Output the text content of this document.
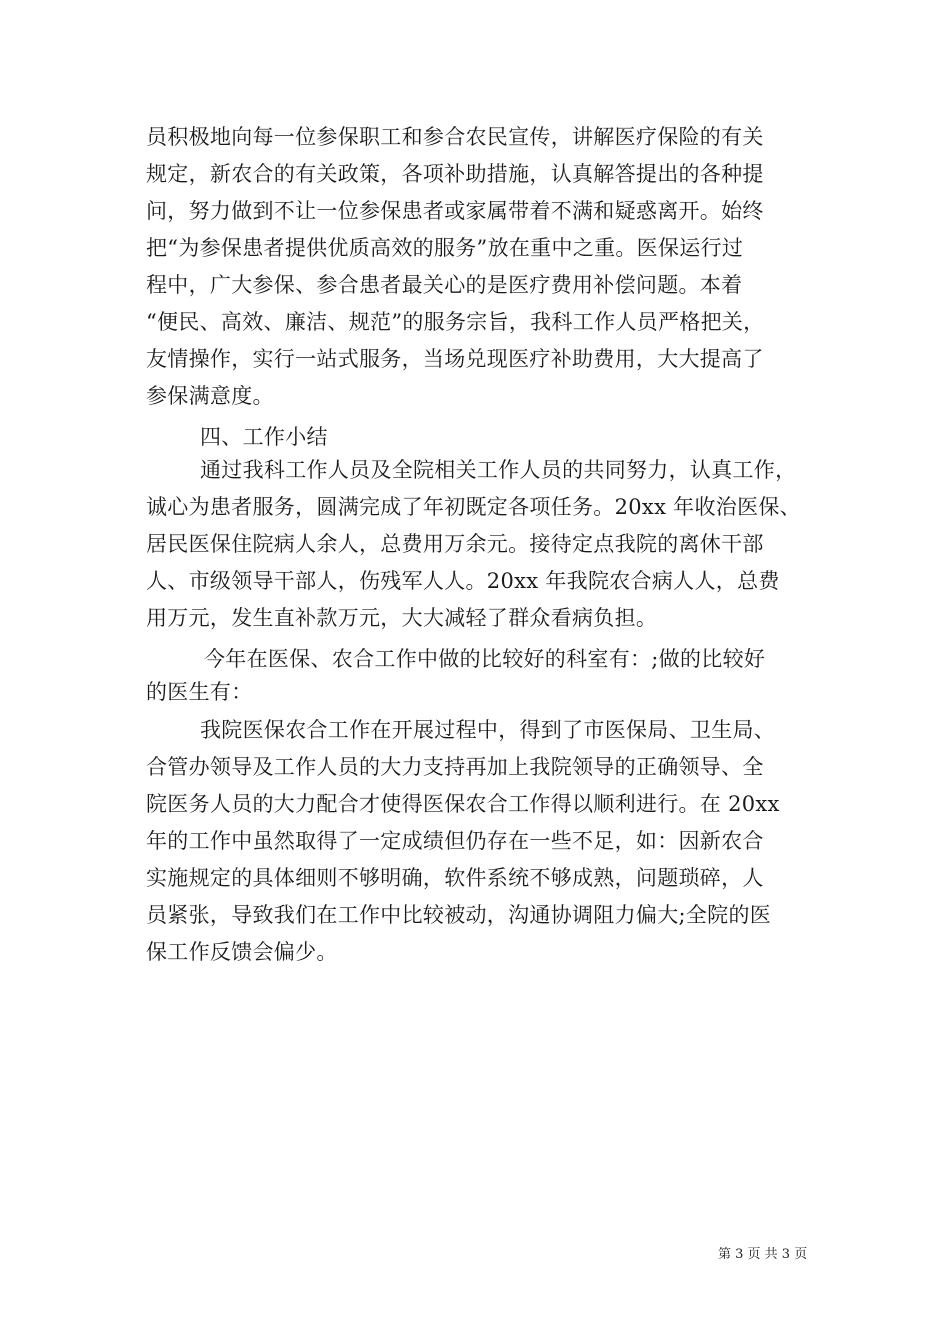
员积极地向每一位参保职工和参合农民宣传，讲解医疗保险的有关
规定，新农合的有关政策，各项补助措施，认真解答提出的各种提
问，努力做到不让一位参保患者或家属带着不满和疑惑离开。始终
把“为参保患者提供优质高效的服务”放在重中之重。医保运行过
程中，广大参保、参合患者最关心的是医疗费用补偿问题。本着
“便民、高效、廉洁、规范”的服务宗旨，我科工作人员严格把关，
友情操作，实行一站式服务，当场兑现医疗补助费用，大大提高了
参保满意度。
四、工作小结
通过我科工作人员及全院相关工作人员的共同努力，认真工作，
诚心为患者服务，圆满完成了年初既定各项任务。20xx 年收治医保、
居民医保住院病人余人，总费用万余元。接待定点我院的离休干部
人、市级领导干部人，伤残军人人。20xx 年我院农合病人人，总费
用万元，发生直补款万元，大大减轻了群众看病负担。
今年在医保、农合工作中做的比较好的科室有：;做的比较好
的医生有：
我院医保农合工作在开展过程中，得到了市医保局、卫生局、
合管办领导及工作人员的大力支持再加上我院领导的正确领导、全
院医务人员的大力配合才使得医保农合工作得以顺利进行。在 20xx
年的工作中虽然取得了一定成绩但仍存在一些不足，如：因新农合
实施规定的具体细则不够明确，软件系统不够成熟，问题琐碎，人
员紧张，导致我们在工作中比较被动，沟通协调阻力偏大;全院的医
保工作反馈会偏少。
第 3 页 共 3 页
